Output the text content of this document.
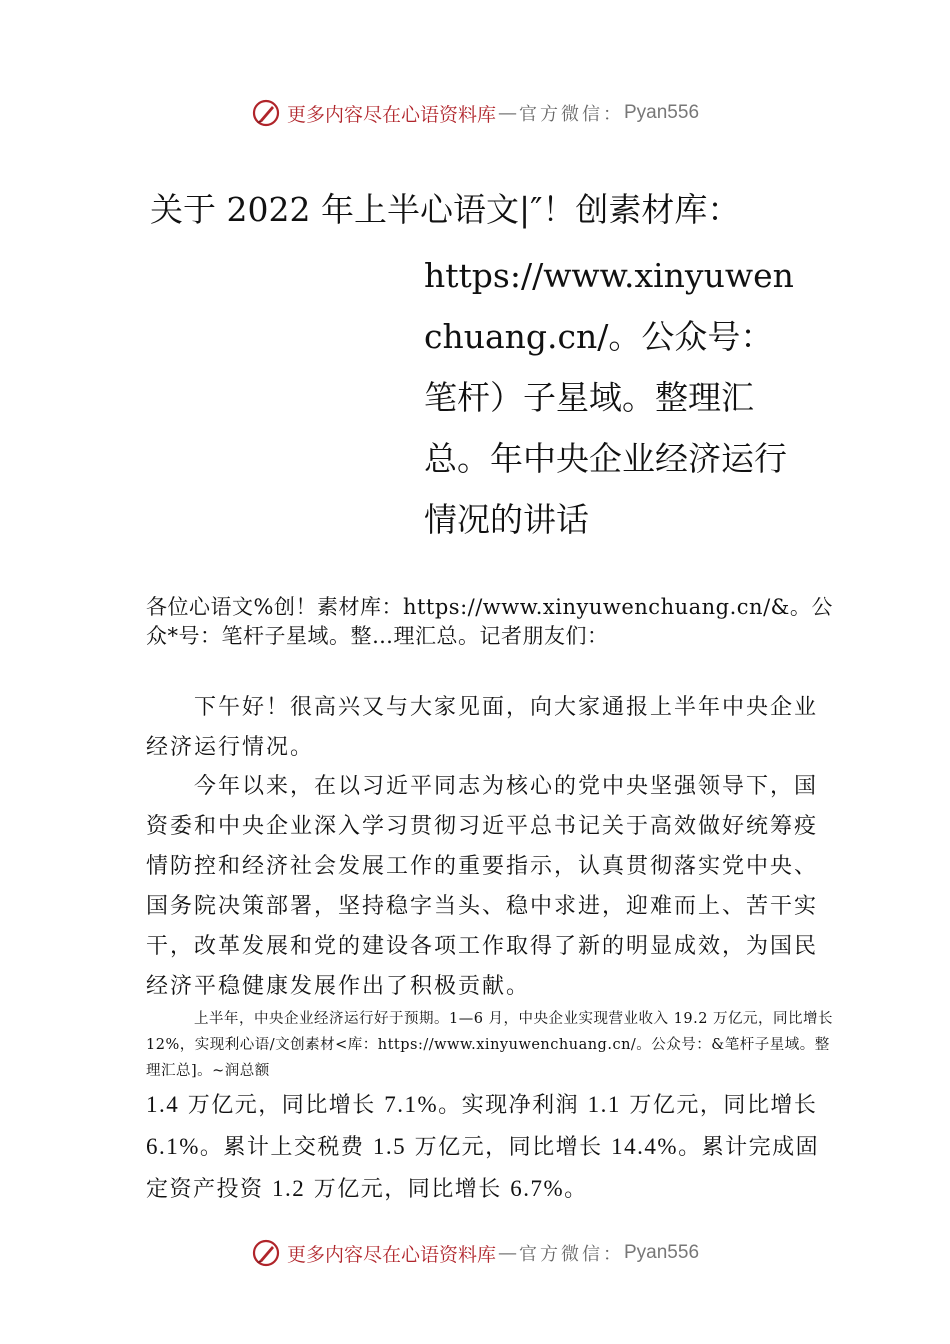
更多内容尽在心语资料库 — 官方微信： Pyan556
关于 2022 年上半心语文|″！创素材库：
https://www.xinyuwenchuang.cn/。公众号：笔杆）子星域。整理汇总。年中央企业经济运行情况的讲话

各位心语文%创！素材库：https://www.xinyuwenchuang.cn/&。公众*号：笔杆子星域。整…理汇总。记者朋友们：

下午好！很高兴又与大家见面，向大家通报上半年中央企业经济运行情况。

今年以来，在以习近平同志为核心的党中央坚强领导下，国资委和中央企业深入学习贯彻习近平总书记关于高效做好统筹疫情防控和经济社会发展工作的重要指示，认真贯彻落实党中央、国务院决策部署，坚持稳字当头、稳中求进，迎难而上、苦干实干，改革发展和党的建设各项工作取得了新的明显成效，为国民经济平稳健康发展作出了积极贡献。

上半年，中央企业经济运行好于预期。1—6 月，中央企业实现营业收入 19.2 万亿元，同比增长 12%，实现利心语/文创素材<库：https://www.xinyuwenchuang.cn/。公众号：&笔杆子星域。整理汇总]。~润总额

1.4 万亿元，同比增长 7.1%。实现净利润 1.1 万亿元，同比增长 6.1%。累计上交税费 1.5 万亿元，同比增长 14.4%。累计完成固定资产投资 1.2 万亿元，同比增长 6.7%。

更多内容尽在心语资料库 — 官方微信： Pyan556
